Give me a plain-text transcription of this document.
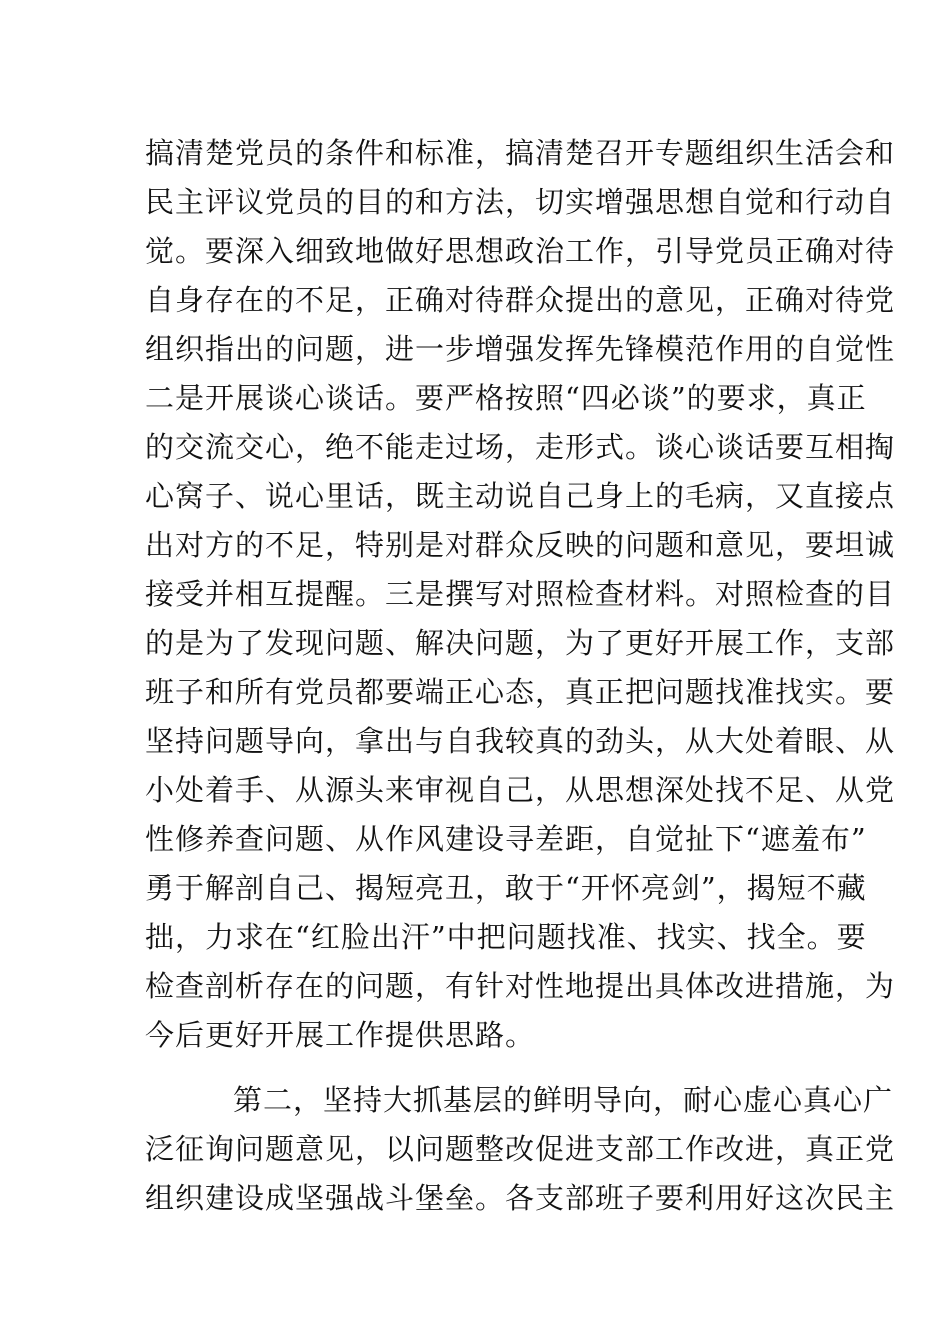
搞清楚党员的条件和标准，搞清楚召开专题组织生活会和
民主评议党员的目的和方法，切实增强思想自觉和行动自
觉。要深入细致地做好思想政治工作，引导党员正确对待
自身存在的不足，正确对待群众提出的意见，正确对待党
组织指出的问题，进一步增强发挥先锋模范作用的自觉性
二是开展谈心谈话。要严格按照“四必谈”的要求，真正
的交流交心，绝不能走过场，走形式。谈心谈话要互相掏
心窝子、说心里话，既主动说自己身上的毛病，又直接点
出对方的不足，特别是对群众反映的问题和意见，要坦诚
接受并相互提醒。三是撰写对照检查材料。对照检查的目
的是为了发现问题、解决问题，为了更好开展工作，支部
班子和所有党员都要端正心态，真正把问题找准找实。要
坚持问题导向，拿出与自我较真的劲头，从大处着眼、从
小处着手、从源头来审视自己，从思想深处找不足、从党
性修养查问题、从作风建设寻差距，自觉扯下“遮羞布”
勇于解剖自己、揭短亮丑，敢于“开怀亮剑”，揭短不藏
拙，力求在“红脸出汗”中把问题找准、找实、找全。要
检查剖析存在的问题，有针对性地提出具体改进措施，为
今后更好开展工作提供思路。
第二，坚持大抓基层的鲜明导向，耐心虚心真心广
泛征询问题意见，以问题整改促进支部工作改进，真正党
组织建设成坚强战斗堡垒。各支部班子要利用好这次民主
